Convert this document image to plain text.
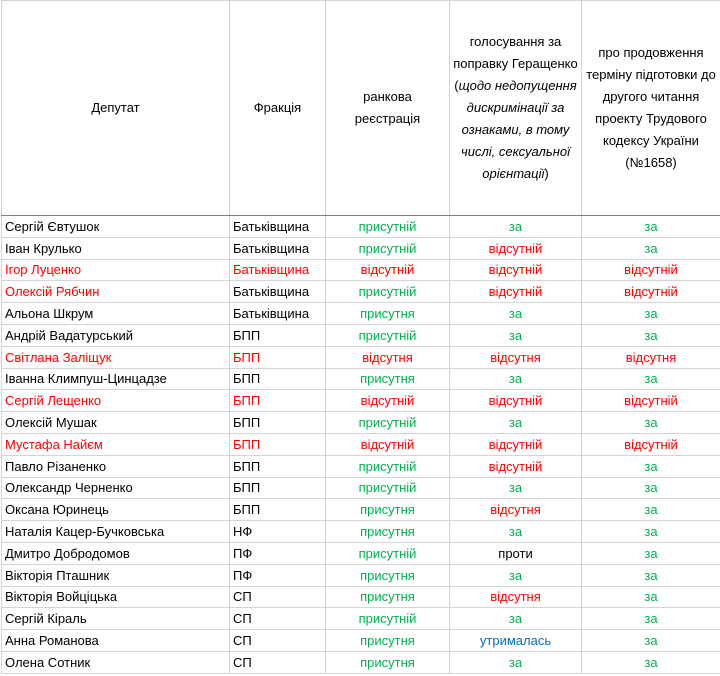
Депутат	Фракція	ранкова реєстрація	голосування за поправку Геращенко (щодо недопущення дискримінації за ознаками, в тому числі, сексуальної орієнтації)	про продовження терміну підготовки до другого читання проекту Трудового кодексу України (№1658)
Сергій Євтушок	Батьківщина	присутній	за	за
Іван Крулько	Батьківщина	присутній	відсутній	за
Ігор Луценко	Батьківщина	відсутній	відсутній	відсутній
Олексій Рябчин	Батьківщина	присутній	відсутній	відсутній
Альона Шкрум	Батьківщина	присутня	за	за
Андрій Вадатурський	БПП	присутній	за	за
Світлана Заліщук	БПП	відсутня	відсутня	відсутня
Іванна Климпуш-Цинцадзе	БПП	присутня	за	за
Сергій Лещенко	БПП	відсутній	відсутній	відсутній
Олексій Мушак	БПП	присутній	за	за
Мустафа Найєм	БПП	відсутній	відсутній	відсутній
Павло Різаненко	БПП	присутній	відсутній	за
Олександр Черненко	БПП	присутній	за	за
Оксана Юринець	БПП	присутня	відсутня	за
Наталія Кацер-Бучковська	НФ	присутня	за	за
Дмитро Добродомов	ПФ	присутній	проти	за
Вікторія Пташник	ПФ	присутня	за	за
Вікторія Войціцька	СП	присутня	відсутня	за
Сергій Кіраль	СП	присутній	за	за
Анна Романова	СП	присутня	утрималась	за
Олена Сотник	СП	присутня	за	за
